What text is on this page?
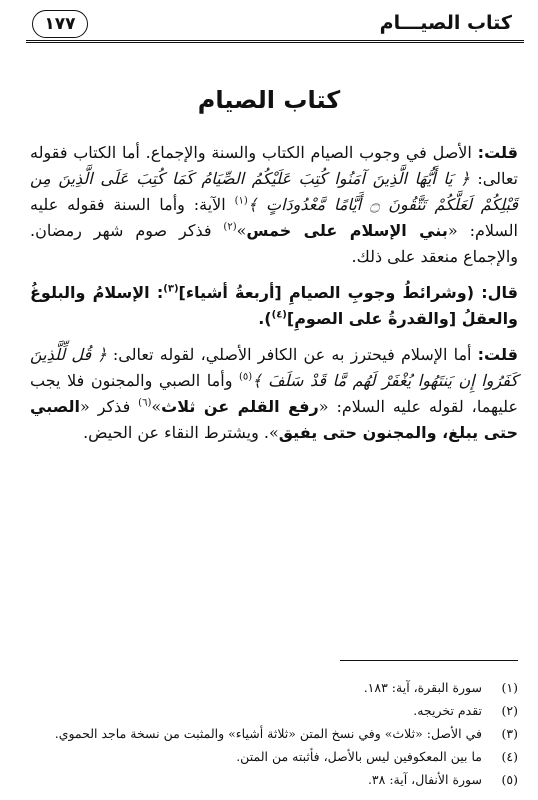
كتاب الصيـــام
١٧٧
كتاب الصيام

قلت: الأصل في وجوب الصيام الكتاب والسنة والإجماع. أما الكتاب فقوله تعالى: ﴿ يَا أَيُّهَا الَّذِينَ آمَنُوا كُتِبَ عَلَيْكُمُ الصِّيَامُ كَمَا كُتِبَ عَلَى الَّذِينَ مِن قَبْلِكُمْ لَعَلَّكُمْ تَتَّقُونَ ۝ أَيَّامًا مَّعْدُودَاتٍ ﴾$^{(١)}$ الآية: وأما السنة فقوله عليه السلام: «بني الإسلام على خمس»$^{(٢)}$ فذكر صوم شهر رمضان. والإجماع منعقد على ذلك.

قال: (وشرائطُ وجوبِ الصيامِ [أربعةُ أشياء]$^{(٣)}$: الإسلامُ والبلوغُ والعقلُ [والقدرةُ على الصومِ]$^{(٤)}$).

قلت: أما الإسلام فيحترز به عن الكافر الأصلي، لقوله تعالى: ﴿ قُل لِّلَّذِينَ كَفَرُوا إِن يَنتَهُوا يُغْفَرْ لَهُم مَّا قَدْ سَلَفَ ﴾$^{(٥)}$ وأما الصبي والمجنون فلا يجب عليهما، لقوله عليه السلام: «رفع القلم عن ثلاث»$^{(٦)}$ فذكر «الصبي حتى يبلغ، والمجنون حتى يفيق». ويشترط النقاء عن الحيض.

(١)
سورة البقرة، آية: ١٨٣.
(٢)
تقدم تخريجه.
(٣)
في الأصل: «ثلاث» وفي نسخ المتن «ثلاثة أشياء» والمثبت من نسخة ماجد الحموي.
(٤)
ما بين المعكوفين ليس بالأصل، فأثبته من المتن.
(٥)
سورة الأنفال، آية: ٣٨.
